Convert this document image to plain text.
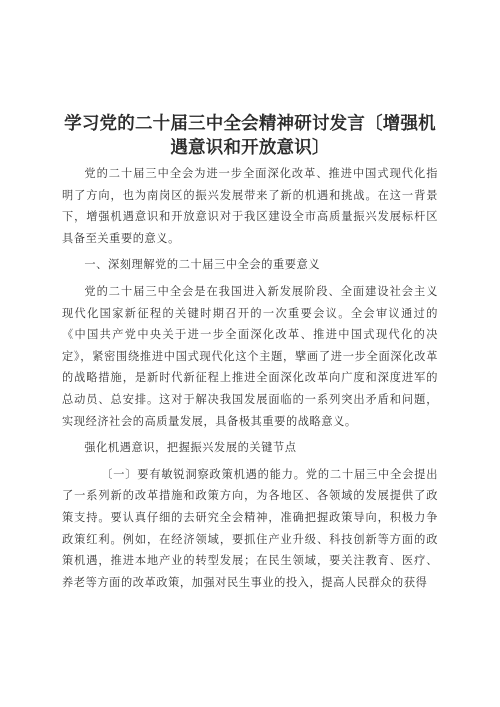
学习党的二十届三中全会精神研讨发言〔增强机遇意识和开放意识〕

党的二十届三中全会为进一步全面深化改革、推进中国式现代化指明了方向，也为南岗区的振兴发展带来了新的机遇和挑战。在这一背景下，增强机遇意识和开放意识对于我区建设全市高质量振兴发展标杆区具备至关重要的意义。

一、深刻理解党的二十届三中全会的重要意义

党的二十届三中全会是在我国进入新发展阶段、全面建设社会主义现代化国家新征程的关键时期召开的一次重要会议。全会审议通过的《中国共产党中央关于进一步全面深化改革、推进中国式现代化的决定》，紧密围绕推进中国式现代化这个主题，擘画了进一步全面深化改革的战略措施，是新时代新征程上推进全面深化改革向广度和深度进军的总动员、总安排。这对于解决我国发展面临的一系列突出矛盾和问题，实现经济社会的高质量发展，具备极其重要的战略意义。

强化机遇意识，把握振兴发展的关键节点

〔一〕要有敏锐洞察政策机遇的能力。党的二十届三中全会提出了一系列新的改革措施和政策方向，为各地区、各领域的发展提供了政策支持。要认真仔细的去研究全会精神，准确把握政策导向，积极力争政策红利。例如，在经济领域，要抓住产业升级、科技创新等方面的政策机遇，推进本地产业的转型发展；在民生领域，要关注教育、医疗、养老等方面的改革政策，加强对民生事业的投入，提高人民群众的获得
